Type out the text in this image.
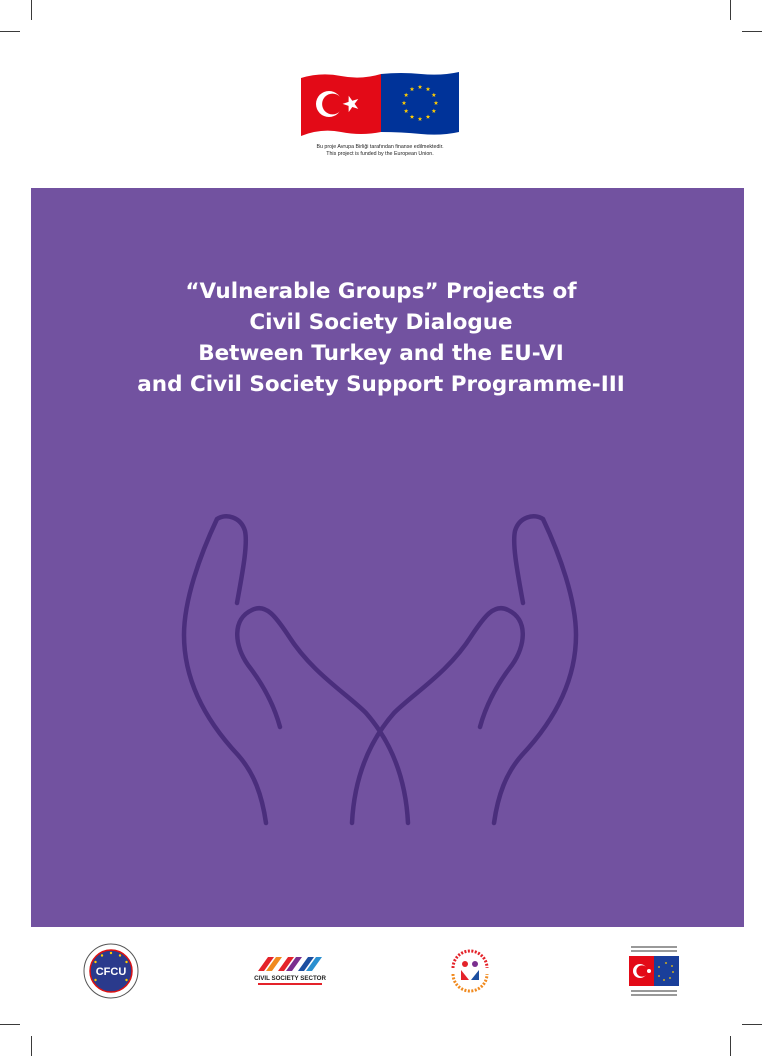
Bu proje Avrupa Birliği tarafından finanse edilmektedir.
This project is funded by the European Union.
“Vulnerable Groups” Projects of
Civil Society Dialogue
Between Turkey and the EU-VI
and Civil Society Support Programme-III
CFCU
CIVIL SOCIETY SECTOR
